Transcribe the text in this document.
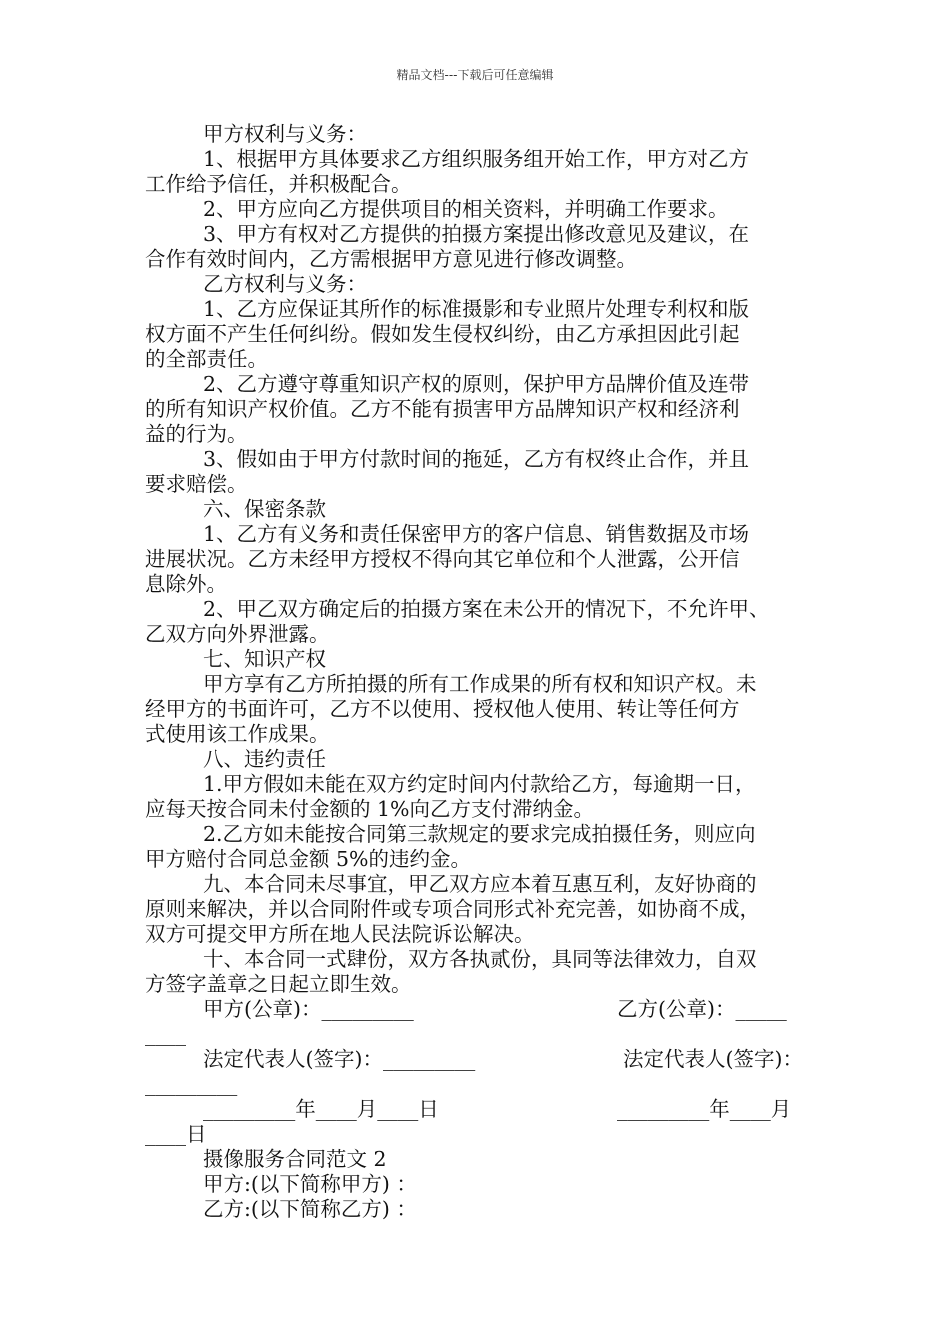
精品文档---下载后可任意编辑
甲方权利与义务：
1、根据甲方具体要求乙方组织服务组开始工作，甲方对乙方
工作给予信任，并积极配合。
2、甲方应向乙方提供项目的相关资料，并明确工作要求。
3、甲方有权对乙方提供的拍摄方案提出修改意见及建议，在
合作有效时间内，乙方需根据甲方意见进行修改调整。
乙方权利与义务：
1、乙方应保证其所作的标准摄影和专业照片处理专利权和版
权方面不产生任何纠纷。假如发生侵权纠纷，由乙方承担因此引起
的全部责任。
2、乙方遵守尊重知识产权的原则，保护甲方品牌价值及连带
的所有知识产权价值。乙方不能有损害甲方品牌知识产权和经济利
益的行为。
3、假如由于甲方付款时间的拖延，乙方有权终止合作，并且
要求赔偿。
六、保密条款
1、乙方有义务和责任保密甲方的客户信息、销售数据及市场
进展状况。乙方未经甲方授权不得向其它单位和个人泄露，公开信
息除外。
2、甲乙双方确定后的拍摄方案在未公开的情况下，不允许甲、
乙双方向外界泄露。
七、知识产权
甲方享有乙方所拍摄的所有工作成果的所有权和知识产权。未
经甲方的书面许可，乙方不以使用、授权他人使用、转让等任何方
式使用该工作成果。
八、违约责任
1.甲方假如未能在双方约定时间内付款给乙方，每逾期一日，
应每天按合同未付金额的 1%向乙方支付滞纳金。
2.乙方如未能按合同第三款规定的要求完成拍摄任务，则应向
甲方赔付合同总金额 5%的违约金。
九、本合同未尽事宜，甲乙双方应本着互惠互利，友好协商的
原则来解决，并以合同附件或专项合同形式补充完善，如协商不成，
双方可提交甲方所在地人民法院诉讼解决。
十、本合同一式肆份，双方各执贰份，具同等法律效力，自双
方签字盖章之日起立即生效。
甲方(公章)：_________	乙方(公章)：_____
____
法定代表人(签字)：_________	法定代表人(签字)：
_________
_________年____月____日	_________年____月
____日
摄像服务合同范文 2
甲方:(以下简称甲方) ：
乙方:(以下简称乙方) ：
